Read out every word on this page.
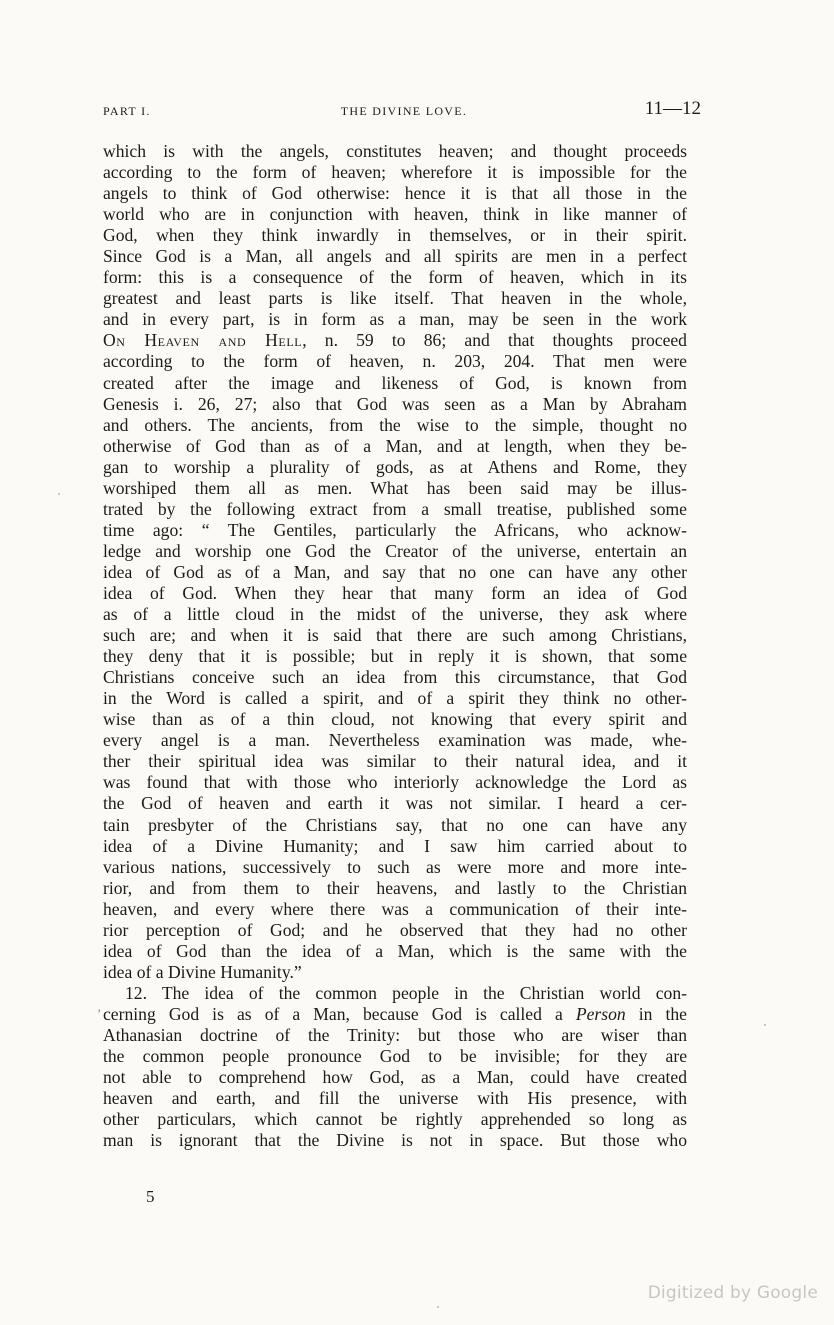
PART I.	THE DIVINE LOVE.	11—12
which is with the angels, constitutes heaven; and thought proceeds
according to the form of heaven; wherefore it is impossible for the
angels to think of God otherwise: hence it is that all those in the
world who are in conjunction with heaven, think in like manner of
God, when they think inwardly in themselves, or in their spirit.
Since God is a Man, all angels and all spirits are men in a perfect
form: this is a consequence of the form of heaven, which in its
greatest and least parts is like itself. That heaven in the whole,
and in every part, is in form as a man, may be seen in the work
On Heaven and Hell, n. 59 to 86; and that thoughts proceed
according to the form of heaven, n. 203, 204. That men were
created after the image and likeness of God, is known from
Genesis i. 26, 27; also that God was seen as a Man by Abraham
and others. The ancients, from the wise to the simple, thought no
otherwise of God than as of a Man, and at length, when they be-
gan to worship a plurality of gods, as at Athens and Rome, they
worshiped them all as men. What has been said may be illus-
trated by the following extract from a small treatise, published some
time ago: “ The Gentiles, particularly the Africans, who acknow-
ledge and worship one God the Creator of the universe, entertain an
idea of God as of a Man, and say that no one can have any other
idea of God. When they hear that many form an idea of God
as of a little cloud in the midst of the universe, they ask where
such are; and when it is said that there are such among Christians,
they deny that it is possible; but in reply it is shown, that some
Christians conceive such an idea from this circumstance, that God
in the Word is called a spirit, and of a spirit they think no other-
wise than as of a thin cloud, not knowing that every spirit and
every angel is a man. Nevertheless examination was made, whe-
ther their spiritual idea was similar to their natural idea, and it
was found that with those who interiorly acknowledge the Lord as
the God of heaven and earth it was not similar. I heard a cer-
tain presbyter of the Christians say, that no one can have any
idea of a Divine Humanity; and I saw him carried about to
various nations, successively to such as were more and more inte-
rior, and from them to their heavens, and lastly to the Christian
heaven, and every where there was a communication of their inte-
rior perception of God; and he observed that they had no other
idea of God than the idea of a Man, which is the same with the
idea of a Divine Humanity.”
12. The idea of the common people in the Christian world con-
cerning God is as of a Man, because God is called a Person in the
Athanasian doctrine of the Trinity: but those who are wiser than
the common people pronounce God to be invisible; for they are
not able to comprehend how God, as a Man, could have created
heaven and earth, and fill the universe with His presence, with
other particulars, which cannot be rightly apprehended so long as
man is ignorant that the Divine is not in space. But those who
’
5
Digitized by Google
